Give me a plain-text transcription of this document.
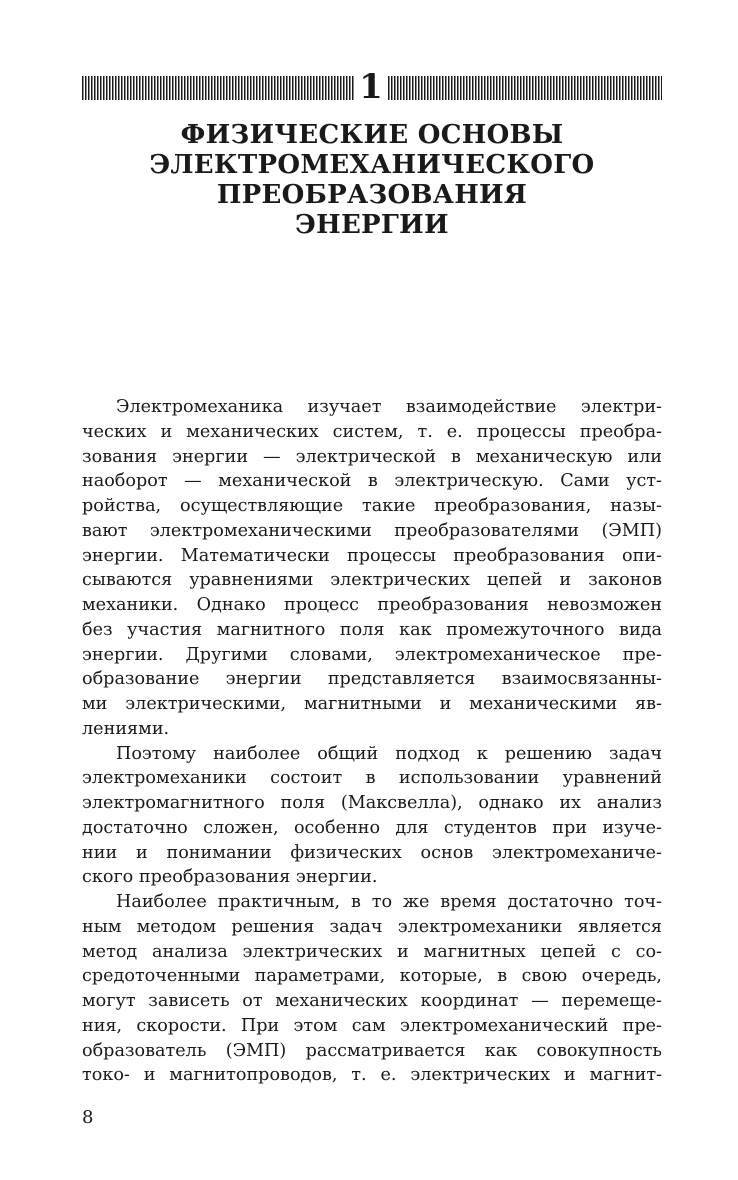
1
ФИЗИЧЕСКИЕ ОСНОВЫ
ЭЛЕКТРОМЕХАНИЧЕСКОГО
ПРЕОБРАЗОВАНИЯ
ЭНЕРГИИ
Электромеханика изучает взаимодействие электри-
ческих и механических систем, т. е. процессы преобра-
зования энергии — электрической в механическую или
наоборот — механической в электрическую. Сами уст-
ройства, осуществляющие такие преобразования, назы-
вают электромеханическими преобразователями (ЭМП)
энергии. Математически процессы преобразования опи-
сываются уравнениями электрических цепей и законов
механики. Однако процесс преобразования невозможен
без участия магнитного поля как промежуточного вида
энергии. Другими словами, электромеханическое пре-
образование энергии представляется взаимосвязанны-
ми электрическими, магнитными и механическими яв-
лениями.
Поэтому наиболее общий подход к решению задач
электромеханики состоит в использовании уравнений
электромагнитного поля (Максвелла), однако их анализ
достаточно сложен, особенно для студентов при изуче-
нии и понимании физических основ электромеханиче-
ского преобразования энергии.
Наиболее практичным, в то же время достаточно точ-
ным методом решения задач электромеханики является
метод анализа электрических и магнитных цепей с со-
средоточенными параметрами, которые, в свою очередь,
могут зависеть от механических координат — перемеще-
ния, скорости. При этом сам электромеханический пре-
образователь (ЭМП) рассматривается как совокупность
токо- и магнитопроводов, т. е. электрических и магнит-
8
